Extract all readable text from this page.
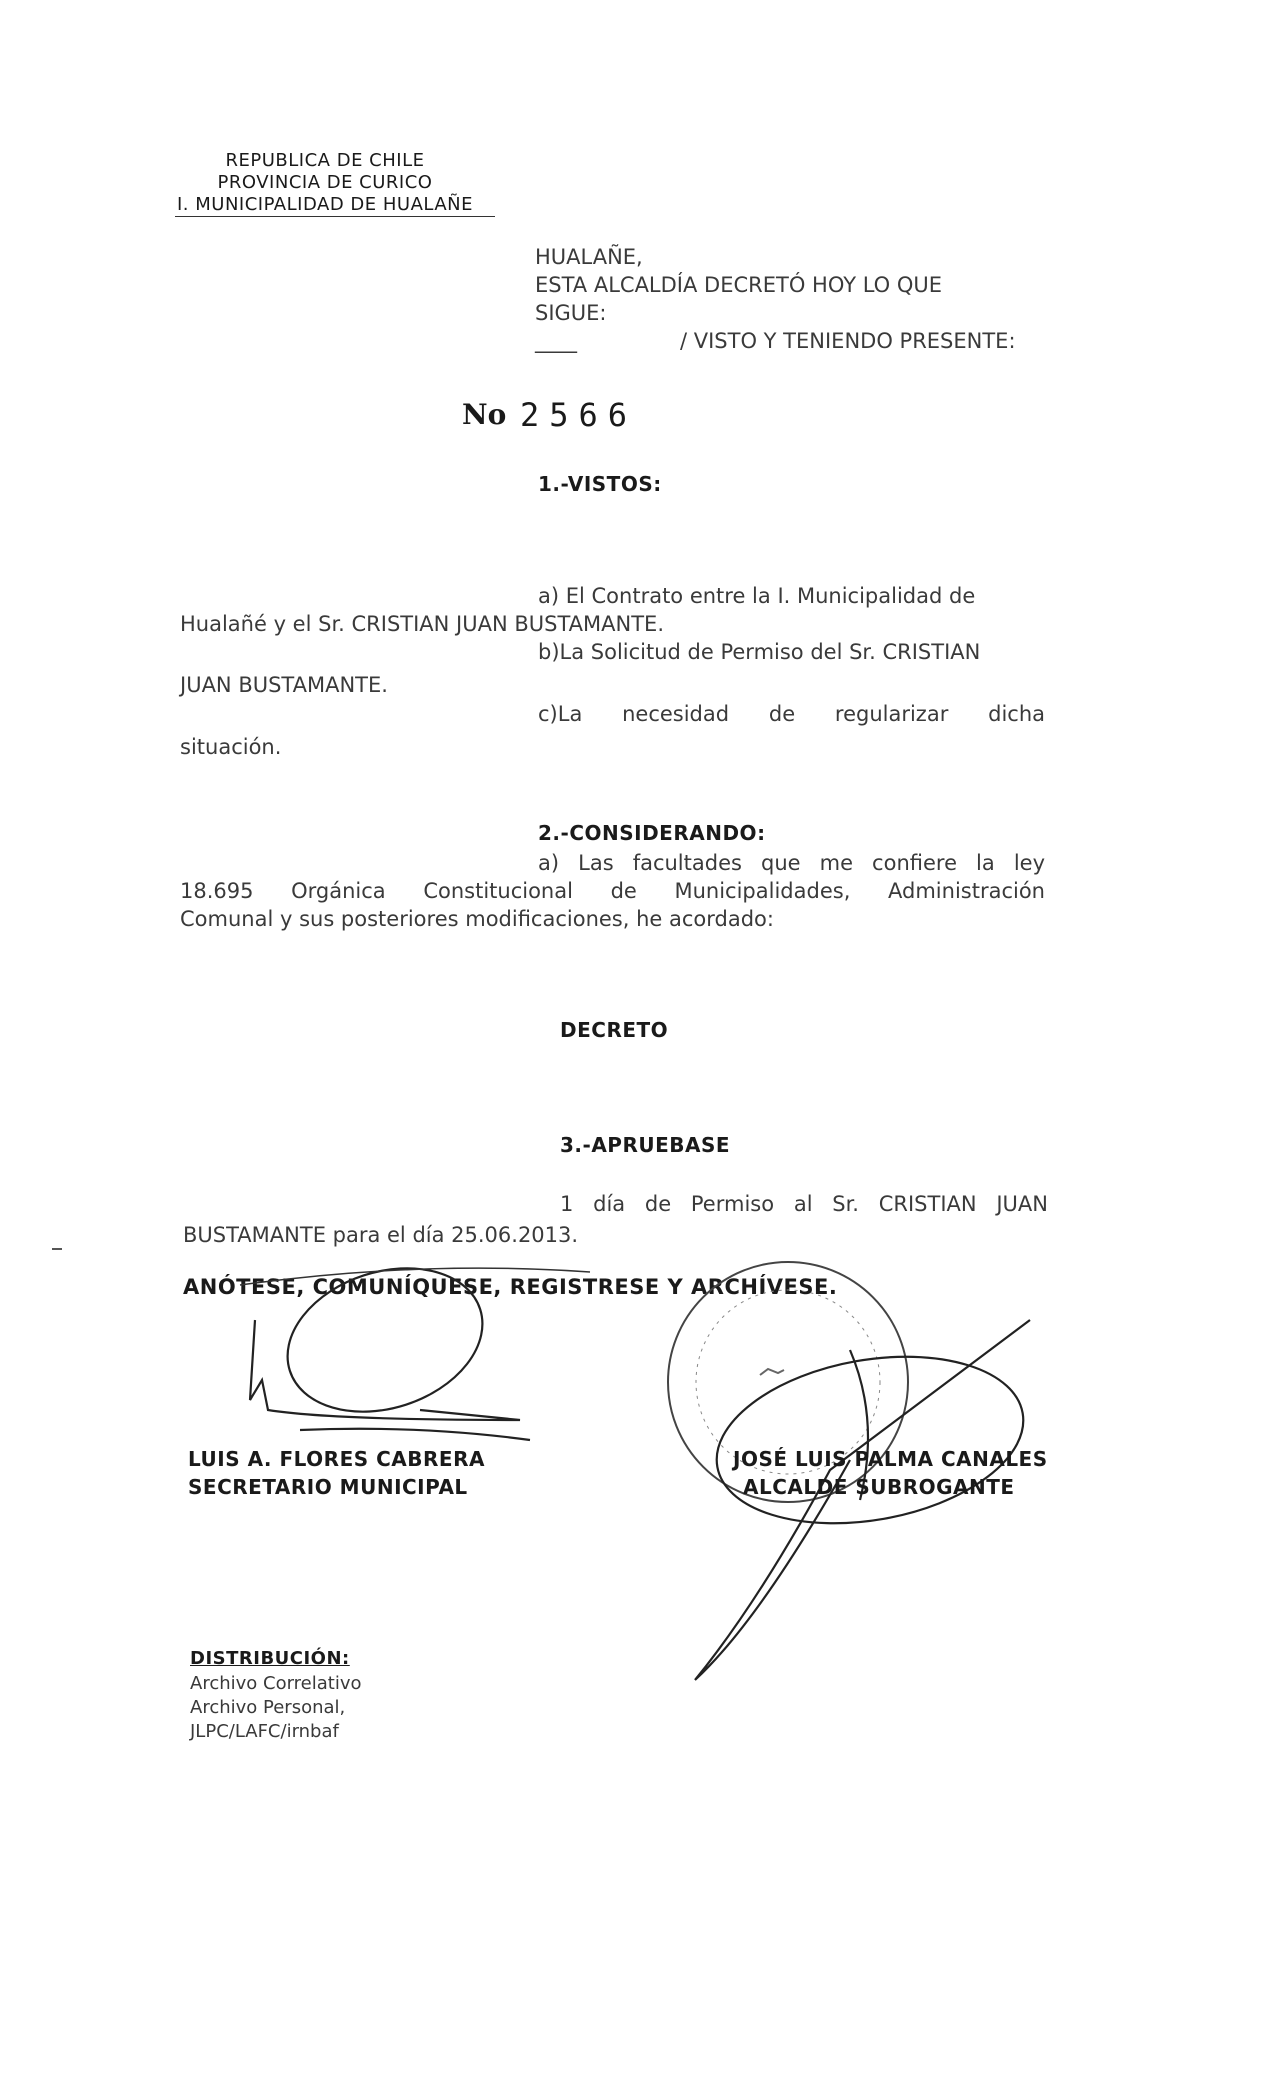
REPUBLICA DE CHILE
PROVINCIA DE CURICO
I. MUNICIPALIDAD DE HUALAÑE
HUALAÑE,
ESTA ALCALDÍA DECRETÓ HOY LO QUE
SIGUE:
____	/ VISTO Y TENIENDO PRESENTE:
No 2566
1.-VISTOS:
a) El Contrato entre la I. Municipalidad de
Hualañé y el Sr. CRISTIAN JUAN BUSTAMANTE.
b)La Solicitud de Permiso del Sr. CRISTIAN
JUAN BUSTAMANTE.
c)La necesidad de regularizar dicha
situación.
2.-CONSIDERANDO:
a) Las facultades que me confiere la ley
18.695 Orgánica Constitucional de Municipalidades, Administración
Comunal y sus posteriores modificaciones, he acordado:
DECRETO
3.-APRUEBASE
1 día de Permiso al Sr. CRISTIAN JUAN
BUSTAMANTE para el día 25.06.2013.
ANÓTESE, COMUNÍQUESE, REGISTRESE Y ARCHÍVESE.
LUIS A. FLORES CABRERA
SECRETARIO MUNICIPAL
JOSÉ LUIS PALMA CANALES
ALCALDE SUBROGANTE
DISTRIBUCIÓN:
Archivo Correlativo
Archivo Personal,
JLPC/LAFC/irnbaf
